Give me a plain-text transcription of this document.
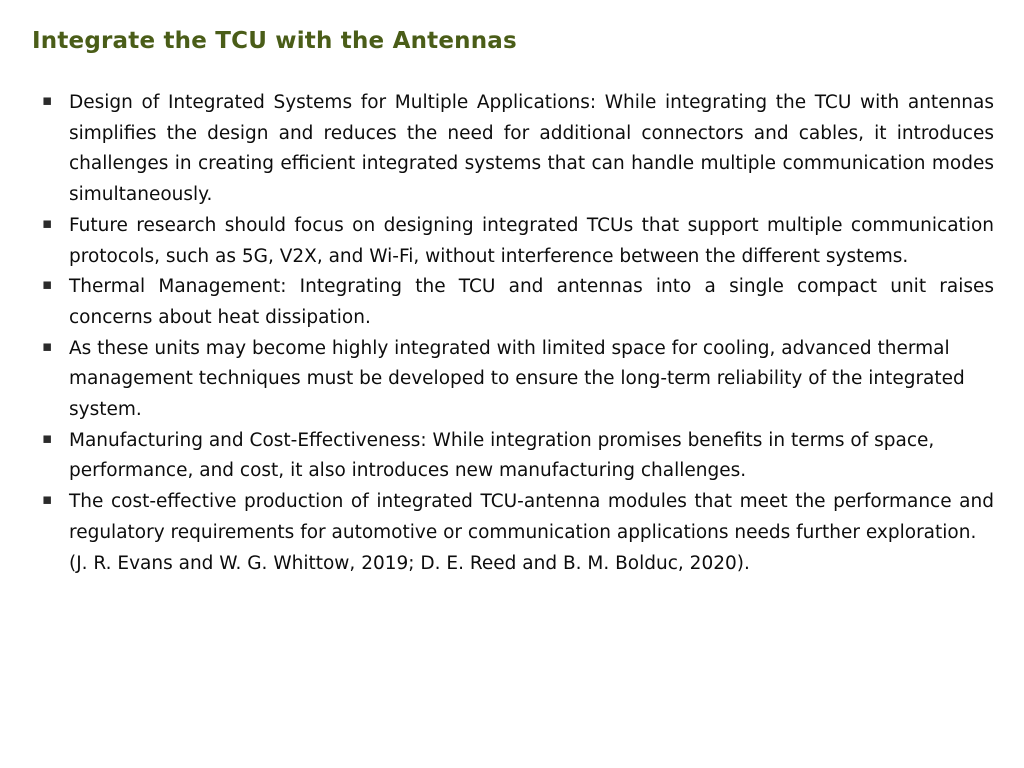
Integrate the TCU with the Antennas
▪
Design of Integrated Systems for Multiple Applications: While integrating the TCU with antennas simplifies the design and reduces the need for additional connectors and cables, it introduces challenges in creating efficient integrated systems that can handle multiple communication modes simultaneously.
▪
Future research should focus on designing integrated TCUs that support multiple communication protocols, such as 5G, V2X, and Wi-Fi, without interference between the different systems.
▪
Thermal Management: Integrating the TCU and antennas into a single compact unit raises concerns about heat dissipation.
▪
As these units may become highly integrated with limited space for cooling, advanced thermal management techniques must be developed to ensure the long-term reliability of the integrated system.
▪
Manufacturing and Cost-Effectiveness: While integration promises benefits in terms of space, performance, and cost, it also introduces new manufacturing challenges.
▪
The cost-effective production of integrated TCU-antenna modules that meet the performance and regulatory requirements for automotive or communication applications needs further exploration.
(J. R. Evans and W. G. Whittow, 2019; D. E. Reed and B. M. Bolduc, 2020).
